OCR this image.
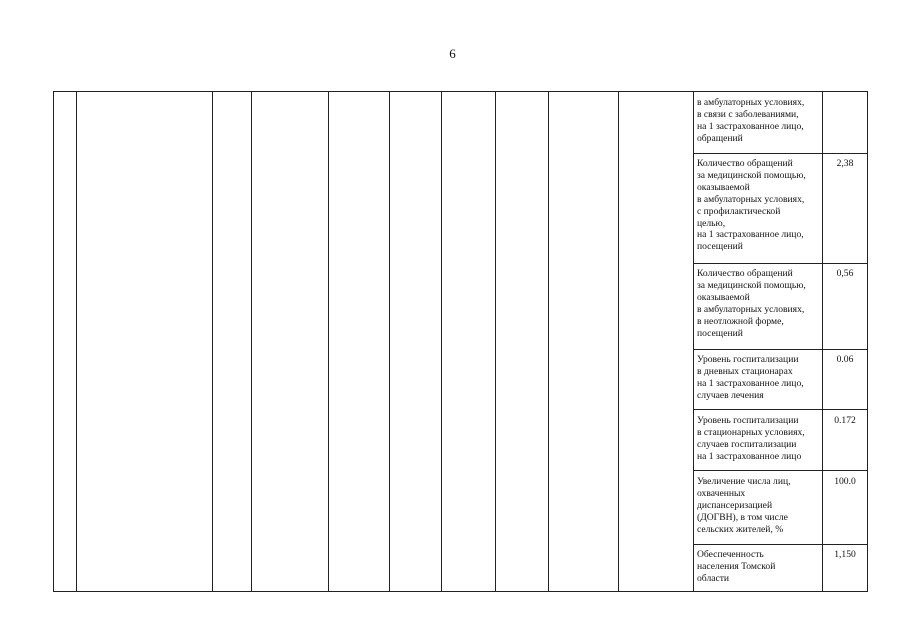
6
в амбулаторных условиях,
в связи с заболеваниями,
на 1 застрахованное лицо,
обращений
Количество обращений
за медицинской помощью,
оказываемой
в амбулаторных условиях,
с профилактической
целью,
на 1 застрахованное лицо,
посещений
2,38
Количество обращений
за медицинской помощью,
оказываемой
в амбулаторных условиях,
в неотложной форме,
посещений
0,56
Уровень госпитализации
в дневных стационарах
на 1 застрахованное лицо,
случаев лечения
0.06
Уровень госпитализации
в стационарных условиях,
случаев госпитализации
на 1 застрахованное лицо
0.172
Увеличение числа лиц,
охваченных
диспансеризацией
(ДОГВН), в том числе
сельских жителей, %
100.0
Обеспеченность
населения Томской
области
1,150
